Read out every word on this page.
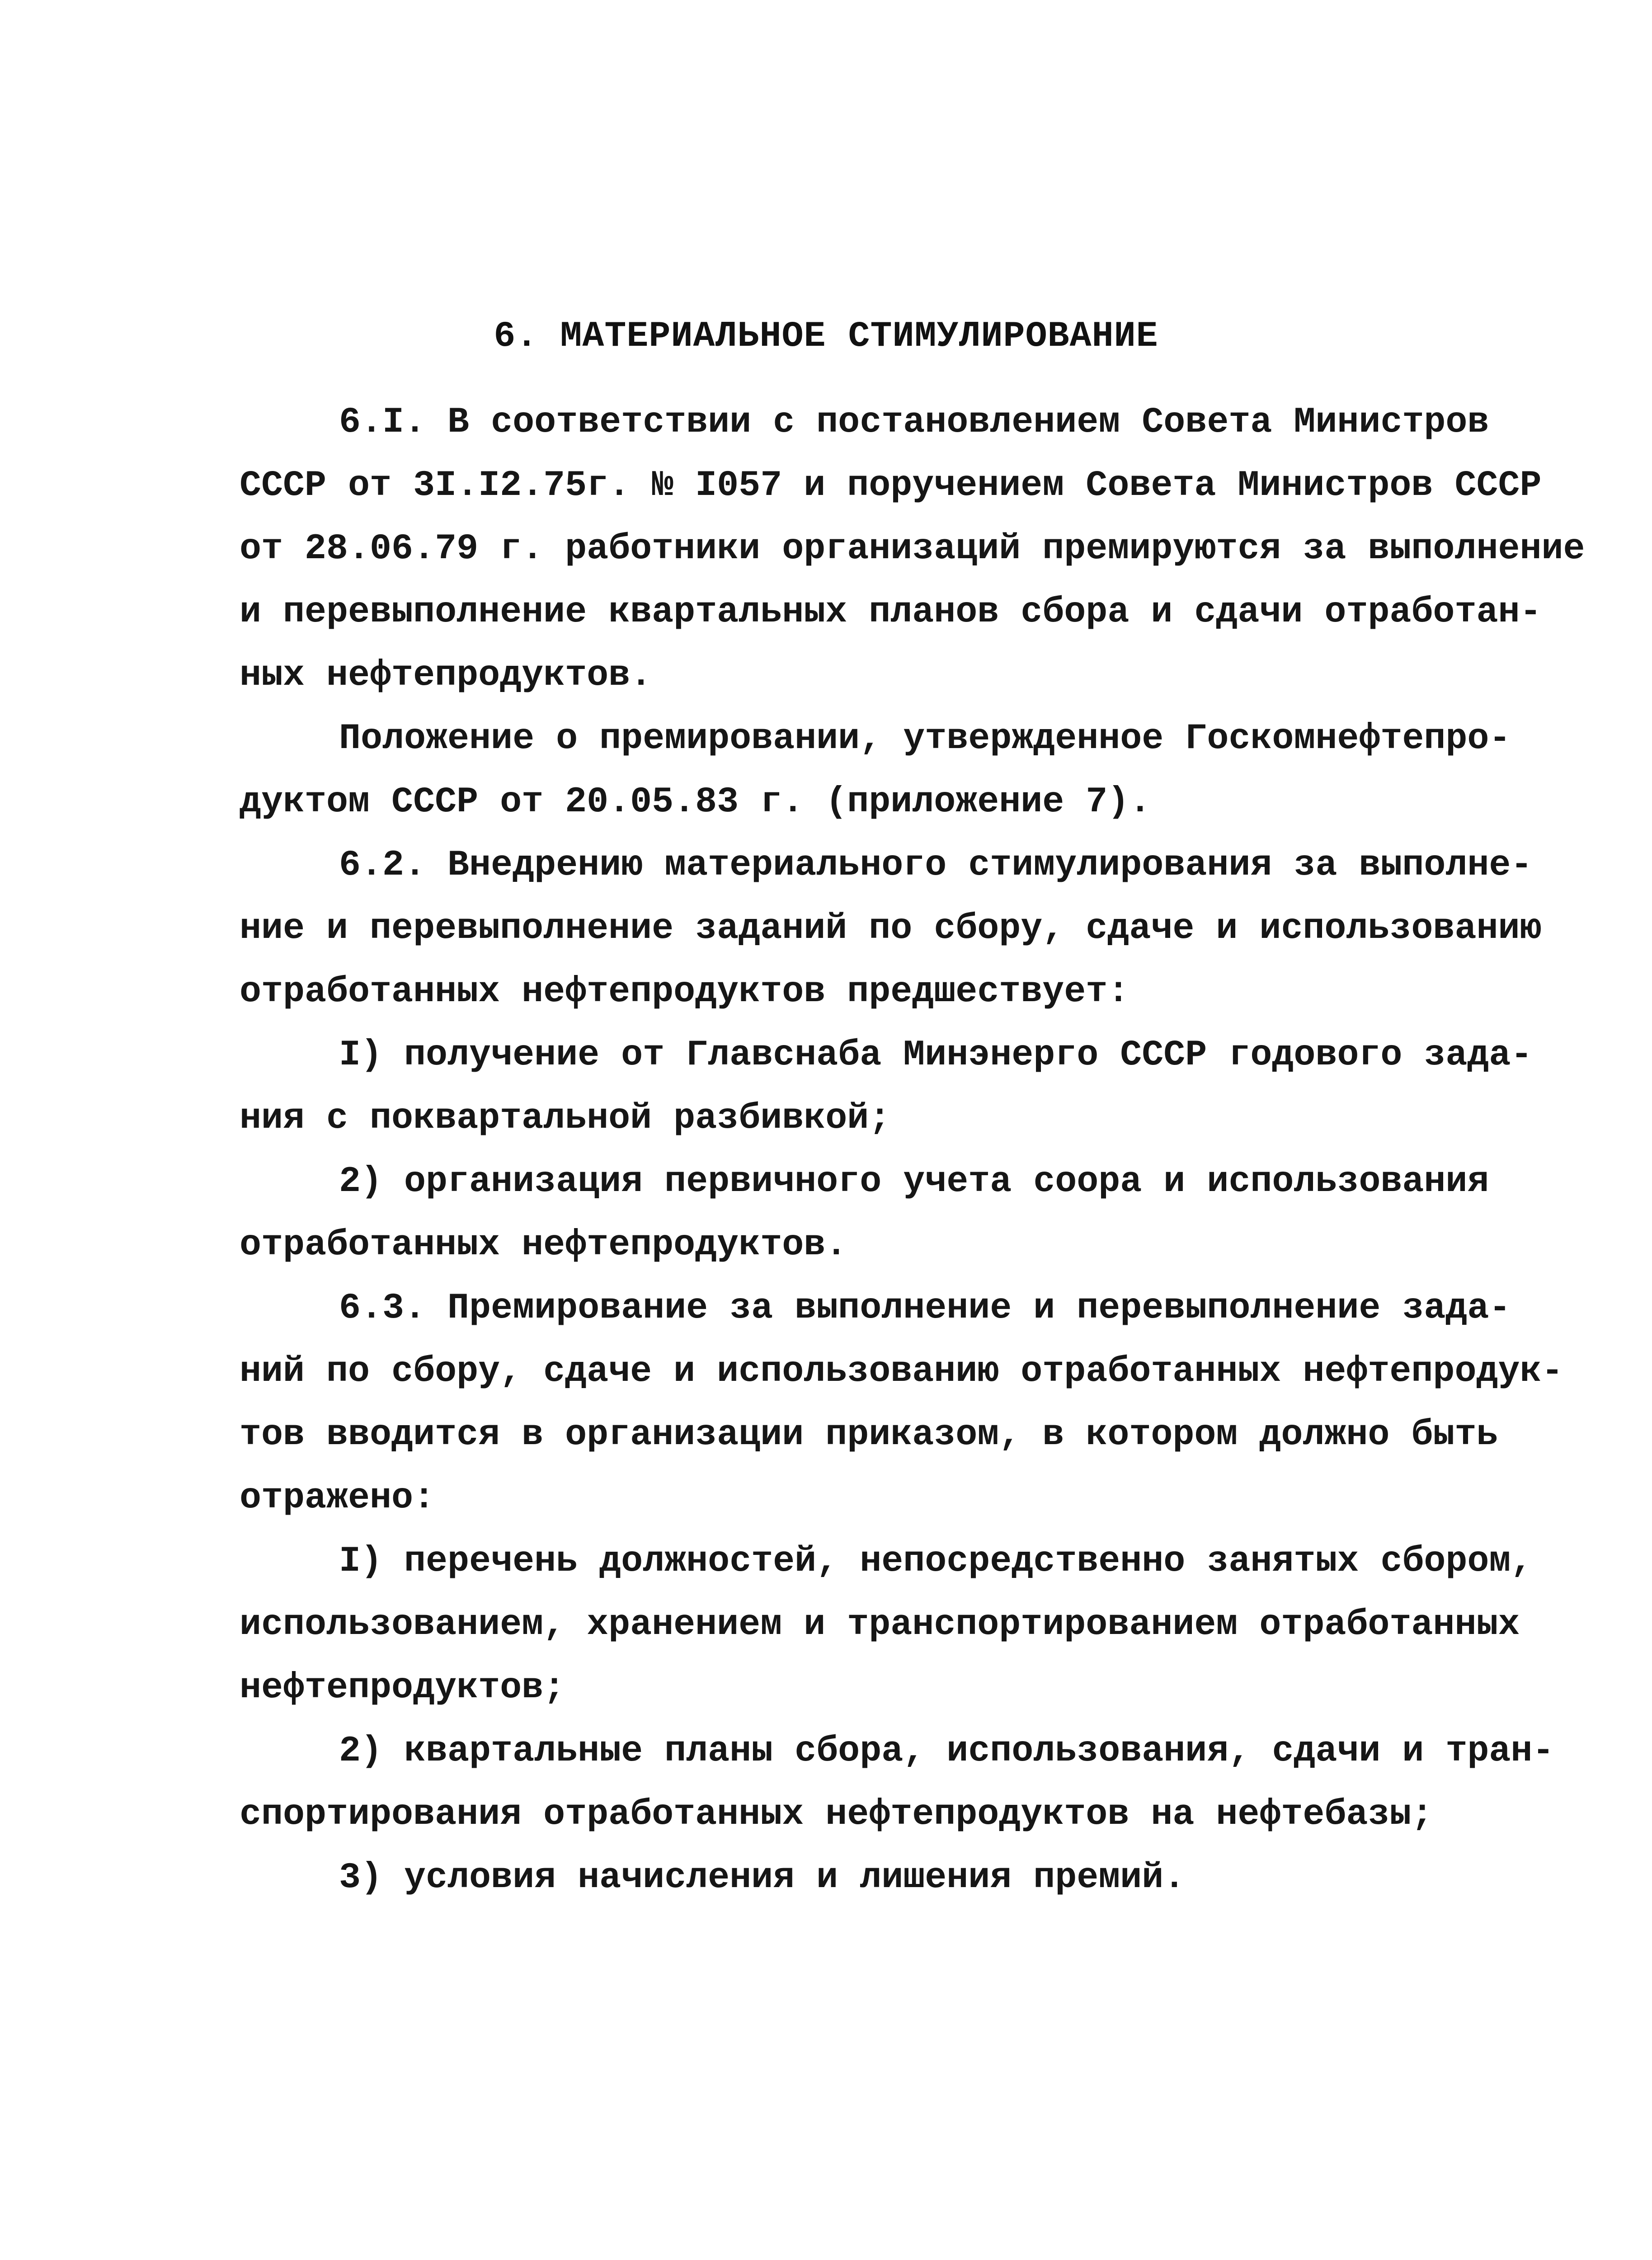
6. МАТЕРИАЛЬНОЕ СТИМУЛИРОВАНИЕ
6.I. В соответствии с постановлением Совета Министров
СССР от 3I.I2.75г. № I057 и поручением Совета Министров СССР
от 28.06.79 г. работники организаций премируются за выполнение
и перевыполнение квартальных планов сбора и сдачи отработан-
ных нефтепродуктов.
Положение о премировании, утвержденное Госкомнефтепро-
дуктом СССР от 20.05.83 г. (приложение 7).
6.2. Внедрению материального стимулирования за выполне-
ние и перевыполнение заданий по сбору, сдаче и использованию
отработанных нефтепродуктов предшествует:
I) получение от Главснаба Минэнерго СССР годового зада-
ния с поквартальной разбивкой;
2) организация первичного учета соора и использования
отработанных нефтепродуктов.
6.3. Премирование за выполнение и перевыполнение зада-
ний по сбору, сдаче и использованию отработанных нефтепродук-
тов вводится в организации приказом, в котором должно быть
отражено:
I) перечень должностей, непосредственно занятых сбором,
использованием, хранением и транспортированием отработанных
нефтепродуктов;
2) квартальные планы сбора, использования, сдачи и тран-
спортирования отработанных нефтепродуктов на нефтебазы;
3) условия начисления и лишения премий.
